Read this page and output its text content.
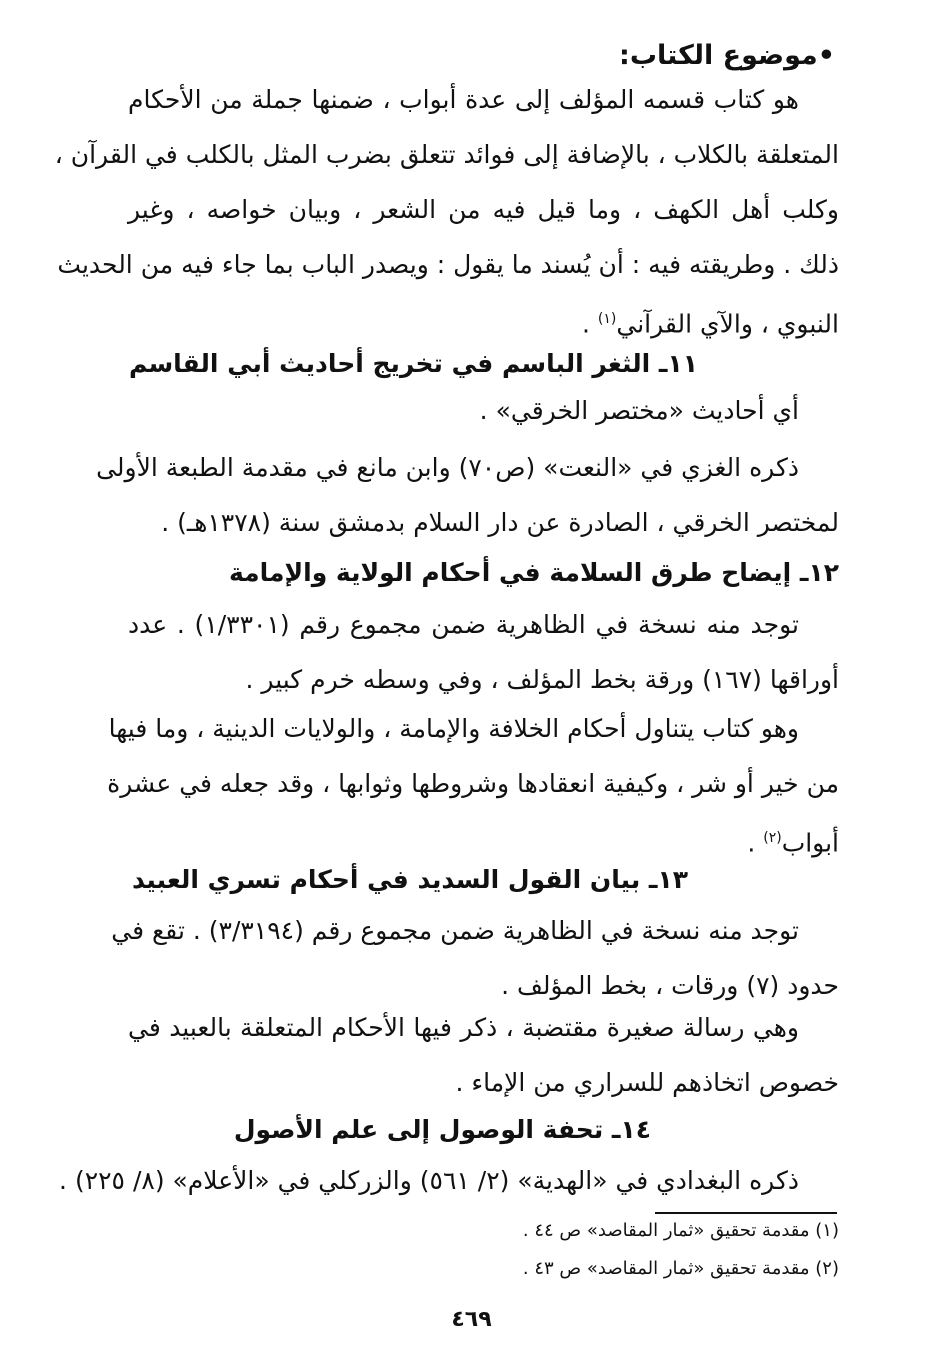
•موضوع الكتاب:
هو كتاب قسمه المؤلف إلى عدة أبواب ، ضمنها جملة من الأحكام
المتعلقة بالكلاب ، بالإضافة إلى فوائد تتعلق بضرب المثل بالكلب في القرآن ،
وكلب أهل الكهف ، وما قيل فيه من الشعر ، وبيان خواصه ، وغير
ذلك . وطريقته فيه : أن يُسند ما يقول : ويصدر الباب بما جاء فيه من الحديث
النبوي ، والآي القرآني$^{(١)}$ .
١١ـ الثغر الباسم في تخريج أحاديث أبي القاسم
أي أحاديث «مختصر الخرقي» .
ذكره الغزي في «النعت» (ص٧٠) وابن مانع في مقدمة الطبعة الأولى
لمختصر الخرقي ، الصادرة عن دار السلام بدمشق سنة (١٣٧٨هـ) .
١٢ـ إيضاح طرق السلامة في أحكام الولاية والإمامة
توجد منه نسخة في الظاهرية ضمن مجموع رقم (١/٣٣٠١) . عدد
أوراقها (١٦٧) ورقة بخط المؤلف ، وفي وسطه خرم كبير .
وهو كتاب يتناول أحكام الخلافة والإمامة ، والولايات الدينية ، وما فيها
من خير أو شر ، وكيفية انعقادها وشروطها وثوابها ، وقد جعله في عشرة
أبواب$^{(٢)}$ .
١٣ـ بيان القول السديد في أحكام تسري العبيد
توجد منه نسخة في الظاهرية ضمن مجموع رقم (٣/٣١٩٤) . تقع في
حدود (٧) ورقات ، بخط المؤلف .
وهي رسالة صغيرة مقتضبة ، ذكر فيها الأحكام المتعلقة بالعبيد في
خصوص اتخاذهم للسراري من الإماء .
١٤ـ تحفة الوصول إلى علم الأصول
ذكره البغدادي في «الهدية» (٢/ ٥٦١) والزركلي في «الأعلام» (٨/ ٢٢٥) .
(١) مقدمة تحقيق «ثمار المقاصد» ص ٤٤ .
(٢) مقدمة تحقيق «ثمار المقاصد» ص ٤٣ .
٤٦٩
